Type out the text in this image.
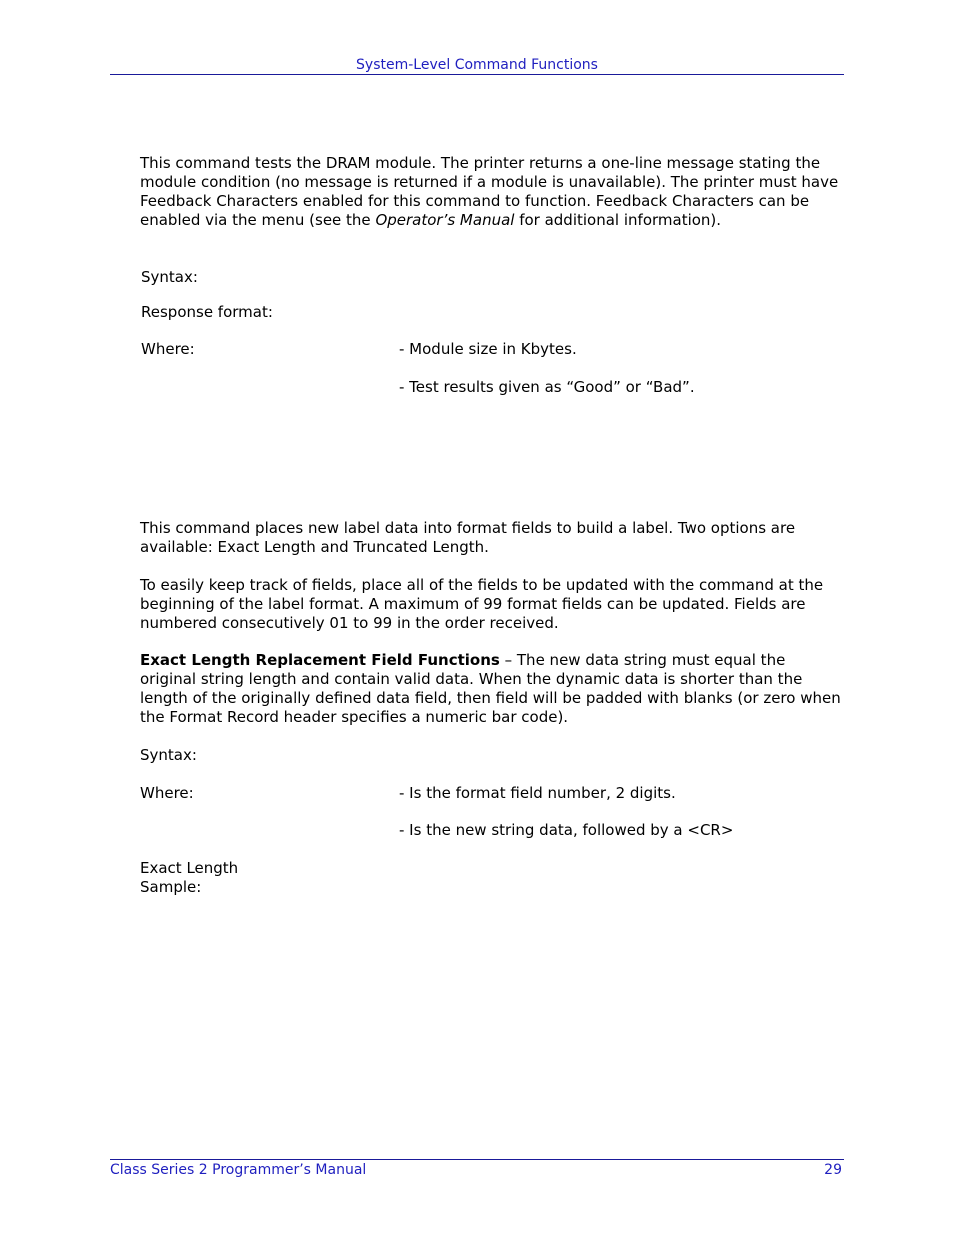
System-Level Command Functions
This command tests the DRAM module. The printer returns a one-line message stating the module condition (no message is returned if a module is unavailable). The printer must have Feedback Characters enabled for this command to function. Feedback Characters can be enabled via the menu (see the Operator’s Manual for additional information).
Syntax:
Response format:
Where:	- Module size in Kbytes.
- Test results given as “Good” or “Bad”.
This command places new label data into format fields to build a label. Two options are available: Exact Length and Truncated Length.
To easily keep track of fields, place all of the fields to be updated with the command at the beginning of the label format. A maximum of 99 format fields can be updated. Fields are numbered consecutively 01 to 99 in the order received.
Exact Length Replacement Field Functions – The new data string must equal the original string length and contain valid data. When the dynamic data is shorter than the length of the originally defined data field, then field will be padded with blanks (or zero when the Format Record header specifies a numeric bar code).
Syntax:
Where:	- Is the format field number, 2 digits.
- Is the new string data, followed by a <CR>
Exact Length
Sample:
Class Series 2 Programmer’s Manual	29
